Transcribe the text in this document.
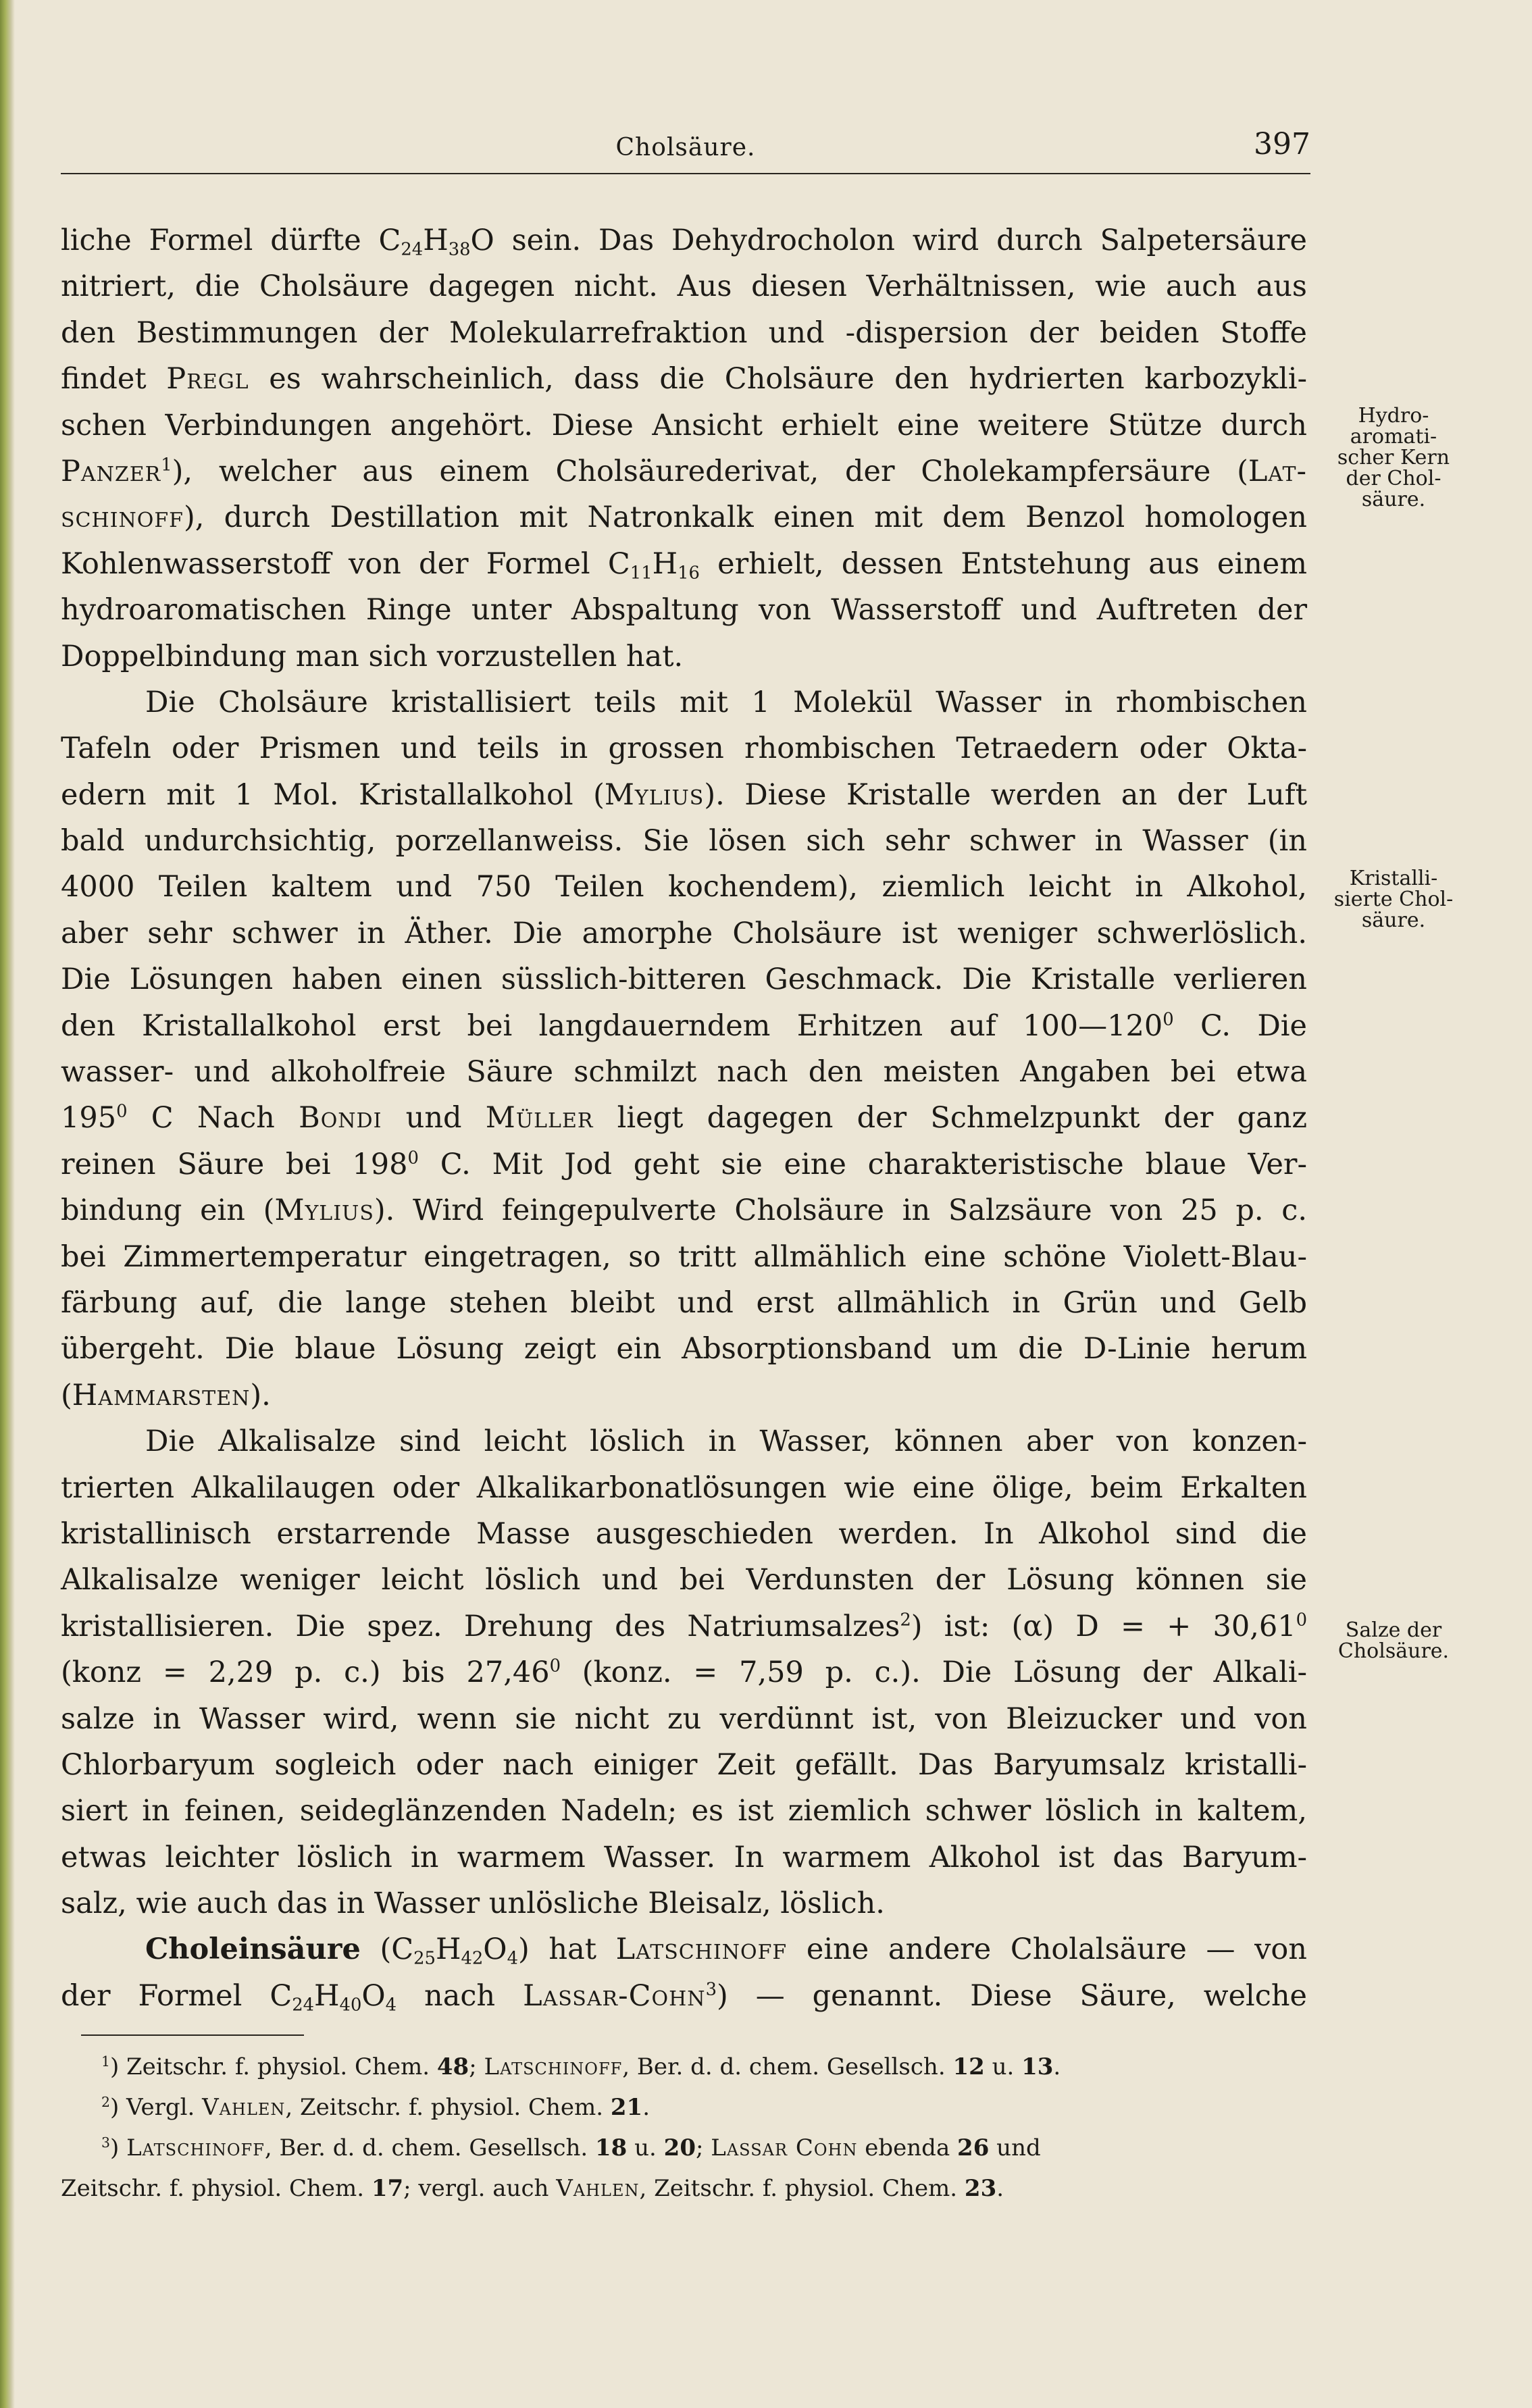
Cholsäure.	397
liche Formel dürfte $C_{24}H_{38}O$ sein. Das Dehydrocholon wird durch Salpetersäure
nitriert, die Cholsäure dagegen nicht. Aus diesen Verhältnissen, wie auch aus
den Bestimmungen der Molekularrefraktion und -dispersion der beiden Stoffe
findet Pregl es wahrscheinlich, dass die Cholsäure den hydrierten karbozykli-
schen Verbindungen angehört. Diese Ansicht erhielt eine weitere Stütze durch
Panzer$^1$), welcher aus einem Cholsäurederivat, der Cholekampfersäure (Lat-
schinoff), durch Destillation mit Natronkalk einen mit dem Benzol homologen
Kohlenwasserstoff von der Formel $C_{11}H_{16}$ erhielt, dessen Entstehung aus einem
hydroaromatischen Ringe unter Abspaltung von Wasserstoff und Auftreten der
Doppelbindung man sich vorzustellen hat.
Die Cholsäure kristallisiert teils mit 1 Molekül Wasser in rhombischen
Tafeln oder Prismen und teils in grossen rhombischen Tetraedern oder Okta-
edern mit 1 Mol. Kristallalkohol (Mylius). Diese Kristalle werden an der Luft
bald undurchsichtig, porzellanweiss. Sie lösen sich sehr schwer in Wasser (in
4000 Teilen kaltem und 750 Teilen kochendem), ziemlich leicht in Alkohol,
aber sehr schwer in Äther. Die amorphe Cholsäure ist weniger schwerlöslich.
Die Lösungen haben einen süsslich-bitteren Geschmack. Die Kristalle verlieren
den Kristallalkohol erst bei langdauerndem Erhitzen auf $100—120^0$ C. Die
wasser- und alkoholfreie Säure schmilzt nach den meisten Angaben bei etwa
$195^0$ C Nach Bondi und Müller liegt dagegen der Schmelzpunkt der ganz
reinen Säure bei $198^0$ C. Mit Jod geht sie eine charakteristische blaue Ver-
bindung ein (Mylius). Wird feingepulverte Cholsäure in Salzsäure von 25 p. c.
bei Zimmertemperatur eingetragen, so tritt allmählich eine schöne Violett-Blau-
färbung auf, die lange stehen bleibt und erst allmählich in Grün und Gelb
übergeht. Die blaue Lösung zeigt ein Absorptionsband um die D-Linie herum
(Hammarsten).
Die Alkalisalze sind leicht löslich in Wasser, können aber von konzen-
trierten Alkalilaugen oder Alkalikarbonatlösungen wie eine ölige, beim Erkalten
kristallinisch erstarrende Masse ausgeschieden werden. In Alkohol sind die
Alkalisalze weniger leicht löslich und bei Verdunsten der Lösung können sie
kristallisieren. Die spez. Drehung des Natriumsalzes$^2$) ist: (α) D = + $30,61^0$
(konz = 2,29 p. c.) bis 27,46$^0$ (konz. = 7,59 p. c.). Die Lösung der Alkali-
salze in Wasser wird, wenn sie nicht zu verdünnt ist, von Bleizucker und von
Chlorbaryum sogleich oder nach einiger Zeit gefällt. Das Baryumsalz kristalli-
siert in feinen, seideglänzenden Nadeln; es ist ziemlich schwer löslich in kaltem,
etwas leichter löslich in warmem Wasser. In warmem Alkohol ist das Baryum-
salz, wie auch das in Wasser unlösliche Bleisalz, löslich.
Choleinsäure $(C_{25}H_{42}O_4)$ hat Latschinoff eine andere Cholalsäure — von
der Formel $C_{24}H_{40}O_4$ nach Lassar-Cohn$^3$) — genannt. Diese Säure, welche
Hydro-
aromati-
scher Kern
der Chol-
säure.
Kristalli-
sierte Chol-
säure.
Salze der
Cholsäure.
$^1$) Zeitschr. f. physiol. Chem. 48; Latschinoff, Ber. d. d. chem. Gesellsch. 12 u. 13.
$^2$) Vergl. Vahlen, Zeitschr. f. physiol. Chem. 21.
$^3$) Latschinoff, Ber. d. d. chem. Gesellsch. 18 u. 20; Lassar Cohn ebenda 26 und
Zeitschr. f. physiol. Chem. 17; vergl. auch Vahlen, Zeitschr. f. physiol. Chem. 23.
